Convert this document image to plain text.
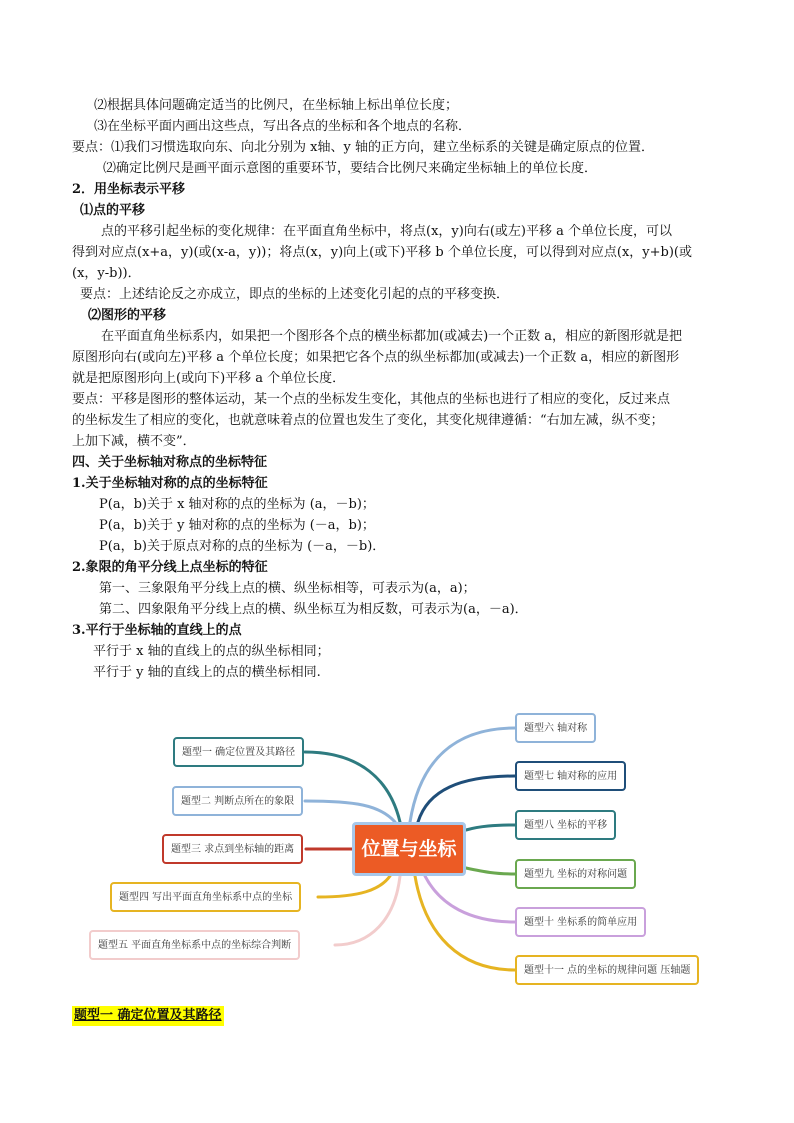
⑵根据具体问题确定适当的比例尺，在坐标轴上标出单位长度；
⑶在坐标平面内画出这些点，写出各点的坐标和各个地点的名称．
要点：⑴我们习惯选取向东、向北分别为 x轴、y 轴的正方向，建立坐标系的关键是确定原点的位置．
⑵确定比例尺是画平面示意图的重要环节，要结合比例尺来确定坐标轴上的单位长度．
2．用坐标表示平移
⑴点的平移
点的平移引起坐标的变化规律：在平面直角坐标中，将点(x，y)向右(或左)平移 a 个单位长度，可以
得到对应点(x+a，y)(或(x-a，y))；将点(x，y)向上(或下)平移 b 个单位长度，可以得到对应点(x，y+b)(或
(x，y-b))．
要点：上述结论反之亦成立，即点的坐标的上述变化引起的点的平移变换．
⑵图形的平移
在平面直角坐标系内，如果把一个图形各个点的横坐标都加(或减去)一个正数 a，相应的新图形就是把
原图形向右(或向左)平移 a 个单位长度；如果把它各个点的纵坐标都加(或减去)一个正数 a，相应的新图形
就是把原图形向上(或向下)平移 a 个单位长度．
要点：平移是图形的整体运动，某一个点的坐标发生变化，其他点的坐标也进行了相应的变化，反过来点
的坐标发生了相应的变化，也就意味着点的位置也发生了变化，其变化规律遵循：“右加左减，纵不变；
上加下减，横不变”．
四、关于坐标轴对称点的坐标特征
1.关于坐标轴对称的点的坐标特征
P(a，b)关于 x 轴对称的点的坐标为 (a，－b)；
P(a，b)关于 y 轴对称的点的坐标为 (－a，b)；
P(a，b)关于原点对称的点的坐标为 (－a，－b)．
2.象限的角平分线上点坐标的特征
第一、三象限角平分线上点的横、纵坐标相等，可表示为(a，a)；
第二、四象限角平分线上点的横、纵坐标互为相反数，可表示为(a，－a)．
3.平行于坐标轴的直线上的点
平行于 x 轴的直线上的点的纵坐标相同；
平行于 y 轴的直线上的点的横坐标相同.
位置与坐标
题型一 确定位置及其路径
题型二 判断点所在的象限
题型三 求点到坐标轴的距离
题型四 写出平面直角坐标系中点的坐标
题型五 平面直角坐标系中点的坐标综合判断
题型六 轴对称
题型七 轴对称的应用
题型八 坐标的平移
题型九 坐标的对称问题
题型十 坐标系的简单应用
题型十一 点的坐标的规律问题 压轴题
题型一 确定位置及其路径
